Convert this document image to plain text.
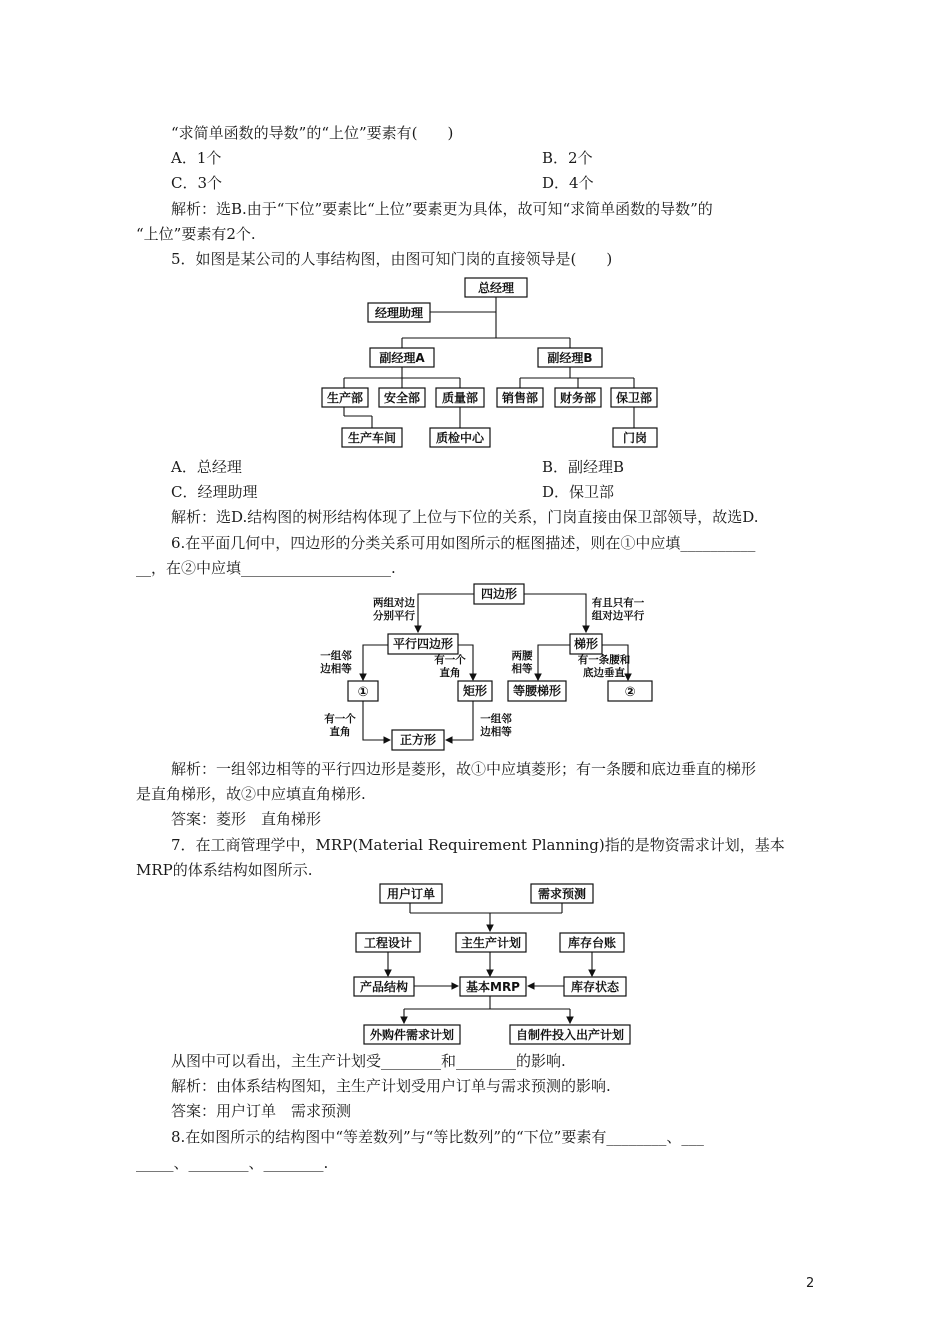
“求简单函数的导数”的“上位”要素有(　　)
A．1个	B．2个
C．3个	D．4个
解析：选B.由于“下位”要素比“上位”要素更为具体，故可知“求简单函数的导数”的
“上位”要素有2个.
5．如图是某公司的人事结构图，由图可知门岗的直接领导是(　　)
总经理
经理助理
副经理A	副经理B
生产部 安全部 质量部 销售部 财务部 保卫部
生产车间	质检中心	门岗
A．总经理	B．副经理B
C．经理助理	D．保卫部
解析：选D.结构图的树形结构体现了上位与下位的关系，门岗直接由保卫部领导，故选D.
6.在平面几何中，四边形的分类关系可用如图所示的框图描述，则在①中应填__________
__，在②中应填____________________.
四边形
平行四边形	梯形
①	矩形 等腰梯形	②
正方形
两组对边
分别平行
有且只有一
组对边平行
一组邻
边相等
有一个
直角
两腰
相等
有一条腰和
底边垂直
有一个
直角
一组邻
边相等
解析：一组邻边相等的平行四边形是菱形，故①中应填菱形；有一条腰和底边垂直的梯形
是直角梯形，故②中应填直角梯形.
答案：菱形　直角梯形
7．在工商管理学中，MRP(Material Requirement Planning)指的是物资需求计划，基本
MRP的体系结构如图所示.
用户订单	需求预测
工程设计	主生产计划	库存台账
产品结构	基本MRP	库存状态
外购件需求计划	自制件投入出产计划
从图中可以看出，主生产计划受________和________的影响.
解析：由体系结构图知，主生产计划受用户订单与需求预测的影响.
答案：用户订单　需求预测
8.在如图所示的结构图中“等差数列”与“等比数列”的“下位”要素有________、___
_____、________、________.
2
